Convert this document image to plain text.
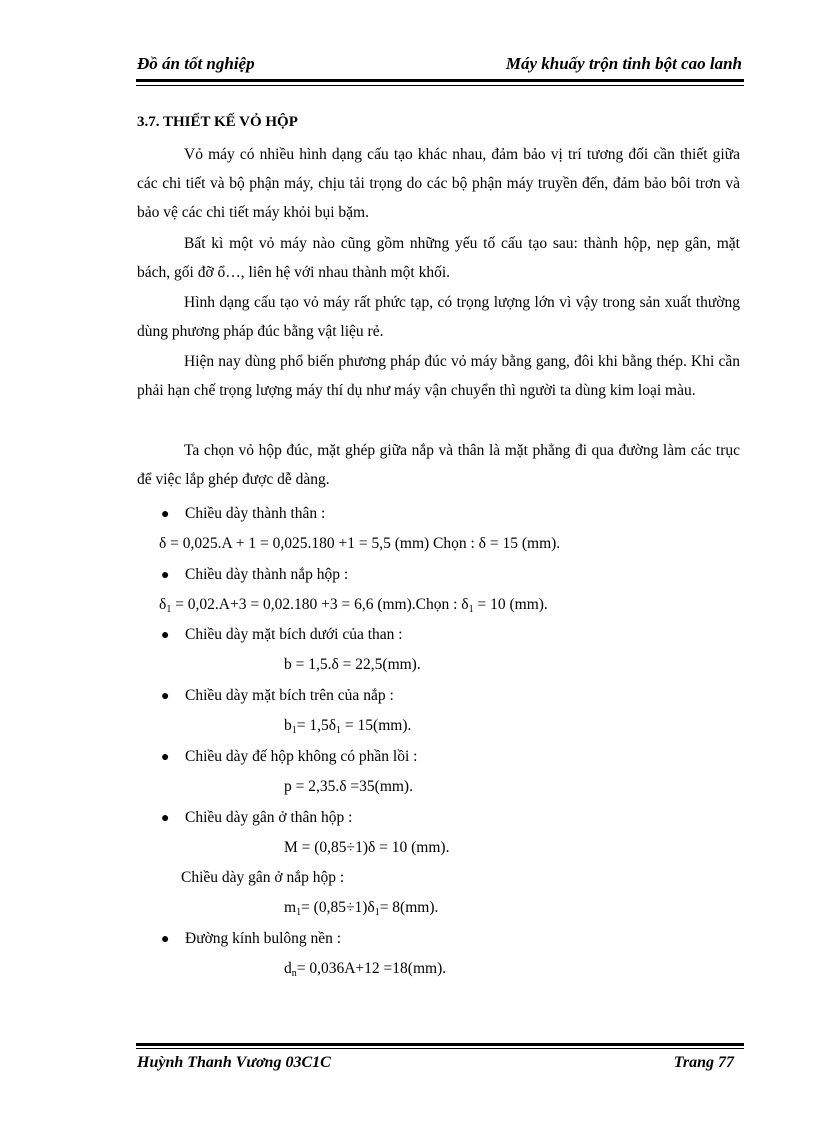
Đồ án tốt nghiệp	Máy khuấy trộn tinh bột cao lanh
3.7. THIẾT KẾ VỎ HỘP
Vỏ máy có nhiều hình dạng cấu tạo khác nhau, đảm bảo vị trí tương đối cần thiết giữa các chi tiết và bộ phận máy, chịu tải trọng do các bộ phận máy truyền đến, đảm bảo bôi trơn và bảo vệ các chi tiết máy khỏi bụi bặm.
Bất kì một vỏ máy nào cũng gồm những yếu tố cấu tạo sau: thành hộp, nẹp gân, mặt bách, gối đỡ ổ…, liên hệ với nhau thành một khối.
Hình dạng cấu tạo vỏ máy rất phức tạp, có trọng lượng lớn vì vậy trong sản xuất thường dùng phương pháp đúc bằng vật liệu rẻ.
Hiện nay dùng phổ biến phương pháp đúc vỏ máy bằng gang, đôi khi bằng thép. Khi cần phải hạn chế trọng lượng máy thí dụ như máy vận chuyển thì người ta dùng kim loại màu.
Ta chọn vỏ hộp đúc, mặt ghép giữa nắp và thân là mặt phẳng đi qua đường làm các trục để việc lắp ghép được dễ dàng.
● Chiều dày thành thân :
δ = 0,025.A + 1 = 0,025.180 +1 = 5,5 (mm) Chọn : δ = 15 (mm).
● Chiều dày thành nắp hộp :
$\delta_1 = 0,02.A+3 = 0,02.180 +3 = 6,6$ (mm).Chọn : $\delta_1 = 10$ (mm).
● Chiều dày mặt bích dưới của than :
b = 1,5.δ = 22,5(mm).
● Chiều dày mặt bích trên của nắp :
$b_1= 1,5\delta_1 = 15(mm)$.
● Chiều dày đế hộp không có phần lồi :
p = 2,35.δ =35(mm).
● Chiều dày gân ở thân hộp :
M = (0,85÷1)δ = 10 (mm).
Chiều dày gân ở nắp hộp :
$m_1= (0,85\div 1)\delta_1= 8(mm)$.
● Đường kính bulông nền :
$d_n= 0,036A+12 =18(mm)$.
Huỳnh Thanh Vương 03C1C	Trang 77
